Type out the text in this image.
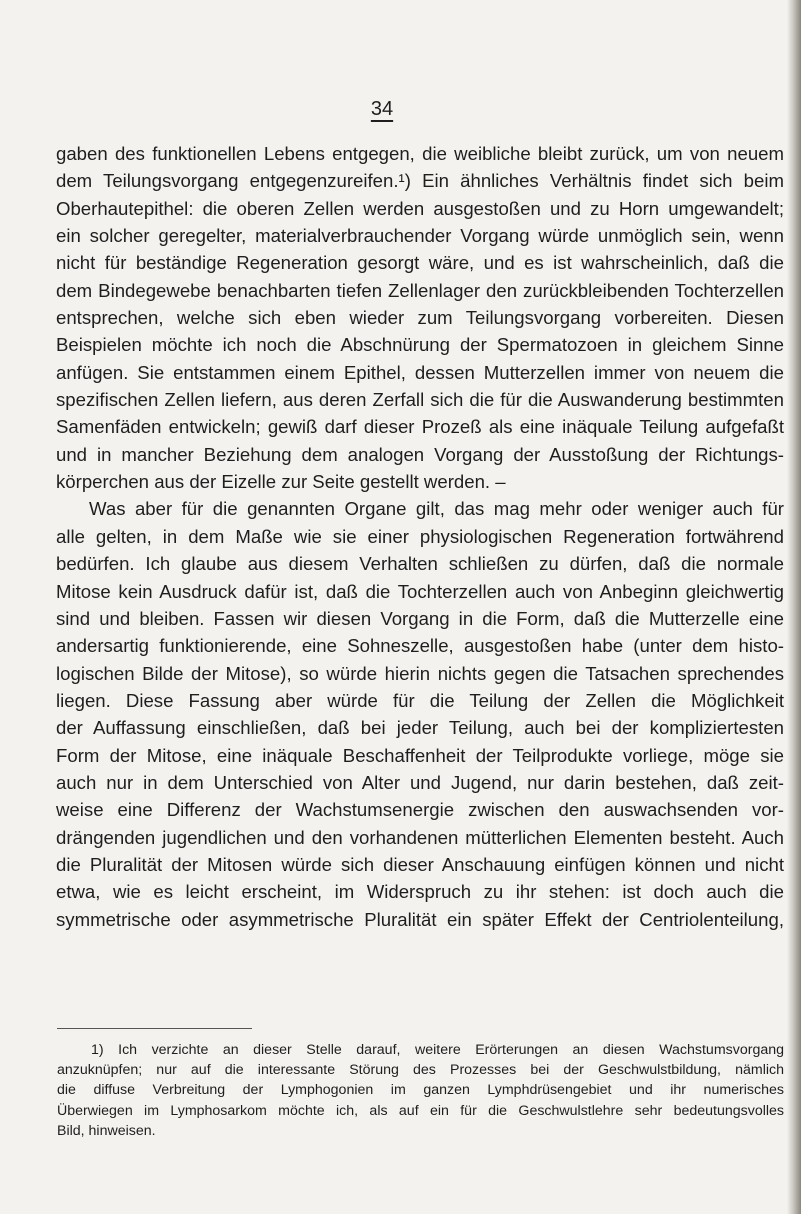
34
gaben des funktionellen Lebens entgegen, die weibliche bleibt zurück, um von neuem
dem Teilungsvorgang entgegenzureifen.¹) Ein ähnliches Verhältnis findet sich beim
Oberhautepithel: die oberen Zellen werden ausgestoßen und zu Horn umgewandelt;
ein solcher geregelter, materialverbrauchender Vorgang würde unmöglich sein, wenn
nicht für beständige Regeneration gesorgt wäre, und es ist wahrscheinlich, daß die
dem Bindegewebe benachbarten tiefen Zellenlager den zurückbleibenden Tochterzellen
entsprechen, welche sich eben wieder zum Teilungsvorgang vorbereiten. Diesen
Beispielen möchte ich noch die Abschnürung der Spermatozoen in gleichem Sinne
anfügen. Sie entstammen einem Epithel, dessen Mutterzellen immer von neuem die
spezifischen Zellen liefern, aus deren Zerfall sich die für die Auswanderung bestimmten
Samenfäden entwickeln; gewiß darf dieser Prozeß als eine inäquale Teilung aufgefaßt
und in mancher Beziehung dem analogen Vorgang der Ausstoßung der Richtungs-
körperchen aus der Eizelle zur Seite gestellt werden. –
Was aber für die genannten Organe gilt, das mag mehr oder weniger auch für
alle gelten, in dem Maße wie sie einer physiologischen Regeneration fortwährend
bedürfen. Ich glaube aus diesem Verhalten schließen zu dürfen, daß die normale
Mitose kein Ausdruck dafür ist, daß die Tochterzellen auch von Anbeginn gleichwertig
sind und bleiben. Fassen wir diesen Vorgang in die Form, daß die Mutterzelle eine
andersartig funktionierende, eine Sohneszelle, ausgestoßen habe (unter dem histo-
logischen Bilde der Mitose), so würde hierin nichts gegen die Tatsachen sprechendes
liegen. Diese Fassung aber würde für die Teilung der Zellen die Möglichkeit
der Auffassung einschließen, daß bei jeder Teilung, auch bei der kompliziertesten
Form der Mitose, eine inäquale Beschaffenheit der Teilprodukte vorliege, möge sie
auch nur in dem Unterschied von Alter und Jugend, nur darin bestehen, daß zeit-
weise eine Differenz der Wachstumsenergie zwischen den auswachsenden vor-
drängenden jugendlichen und den vorhandenen mütterlichen Elementen besteht. Auch
die Pluralität der Mitosen würde sich dieser Anschauung einfügen können und nicht
etwa, wie es leicht erscheint, im Widerspruch zu ihr stehen: ist doch auch die
symmetrische oder asymmetrische Pluralität ein später Effekt der Centriolenteilung,
1) Ich verzichte an dieser Stelle darauf, weitere Erörterungen an diesen Wachstumsvorgang
anzuknüpfen; nur auf die interessante Störung des Prozesses bei der Geschwulstbildung, nämlich
die diffuse Verbreitung der Lymphogonien im ganzen Lymphdrüsengebiet und ihr numerisches
Überwiegen im Lymphosarkom möchte ich, als auf ein für die Geschwulstlehre sehr bedeutungsvolles
Bild, hinweisen.
